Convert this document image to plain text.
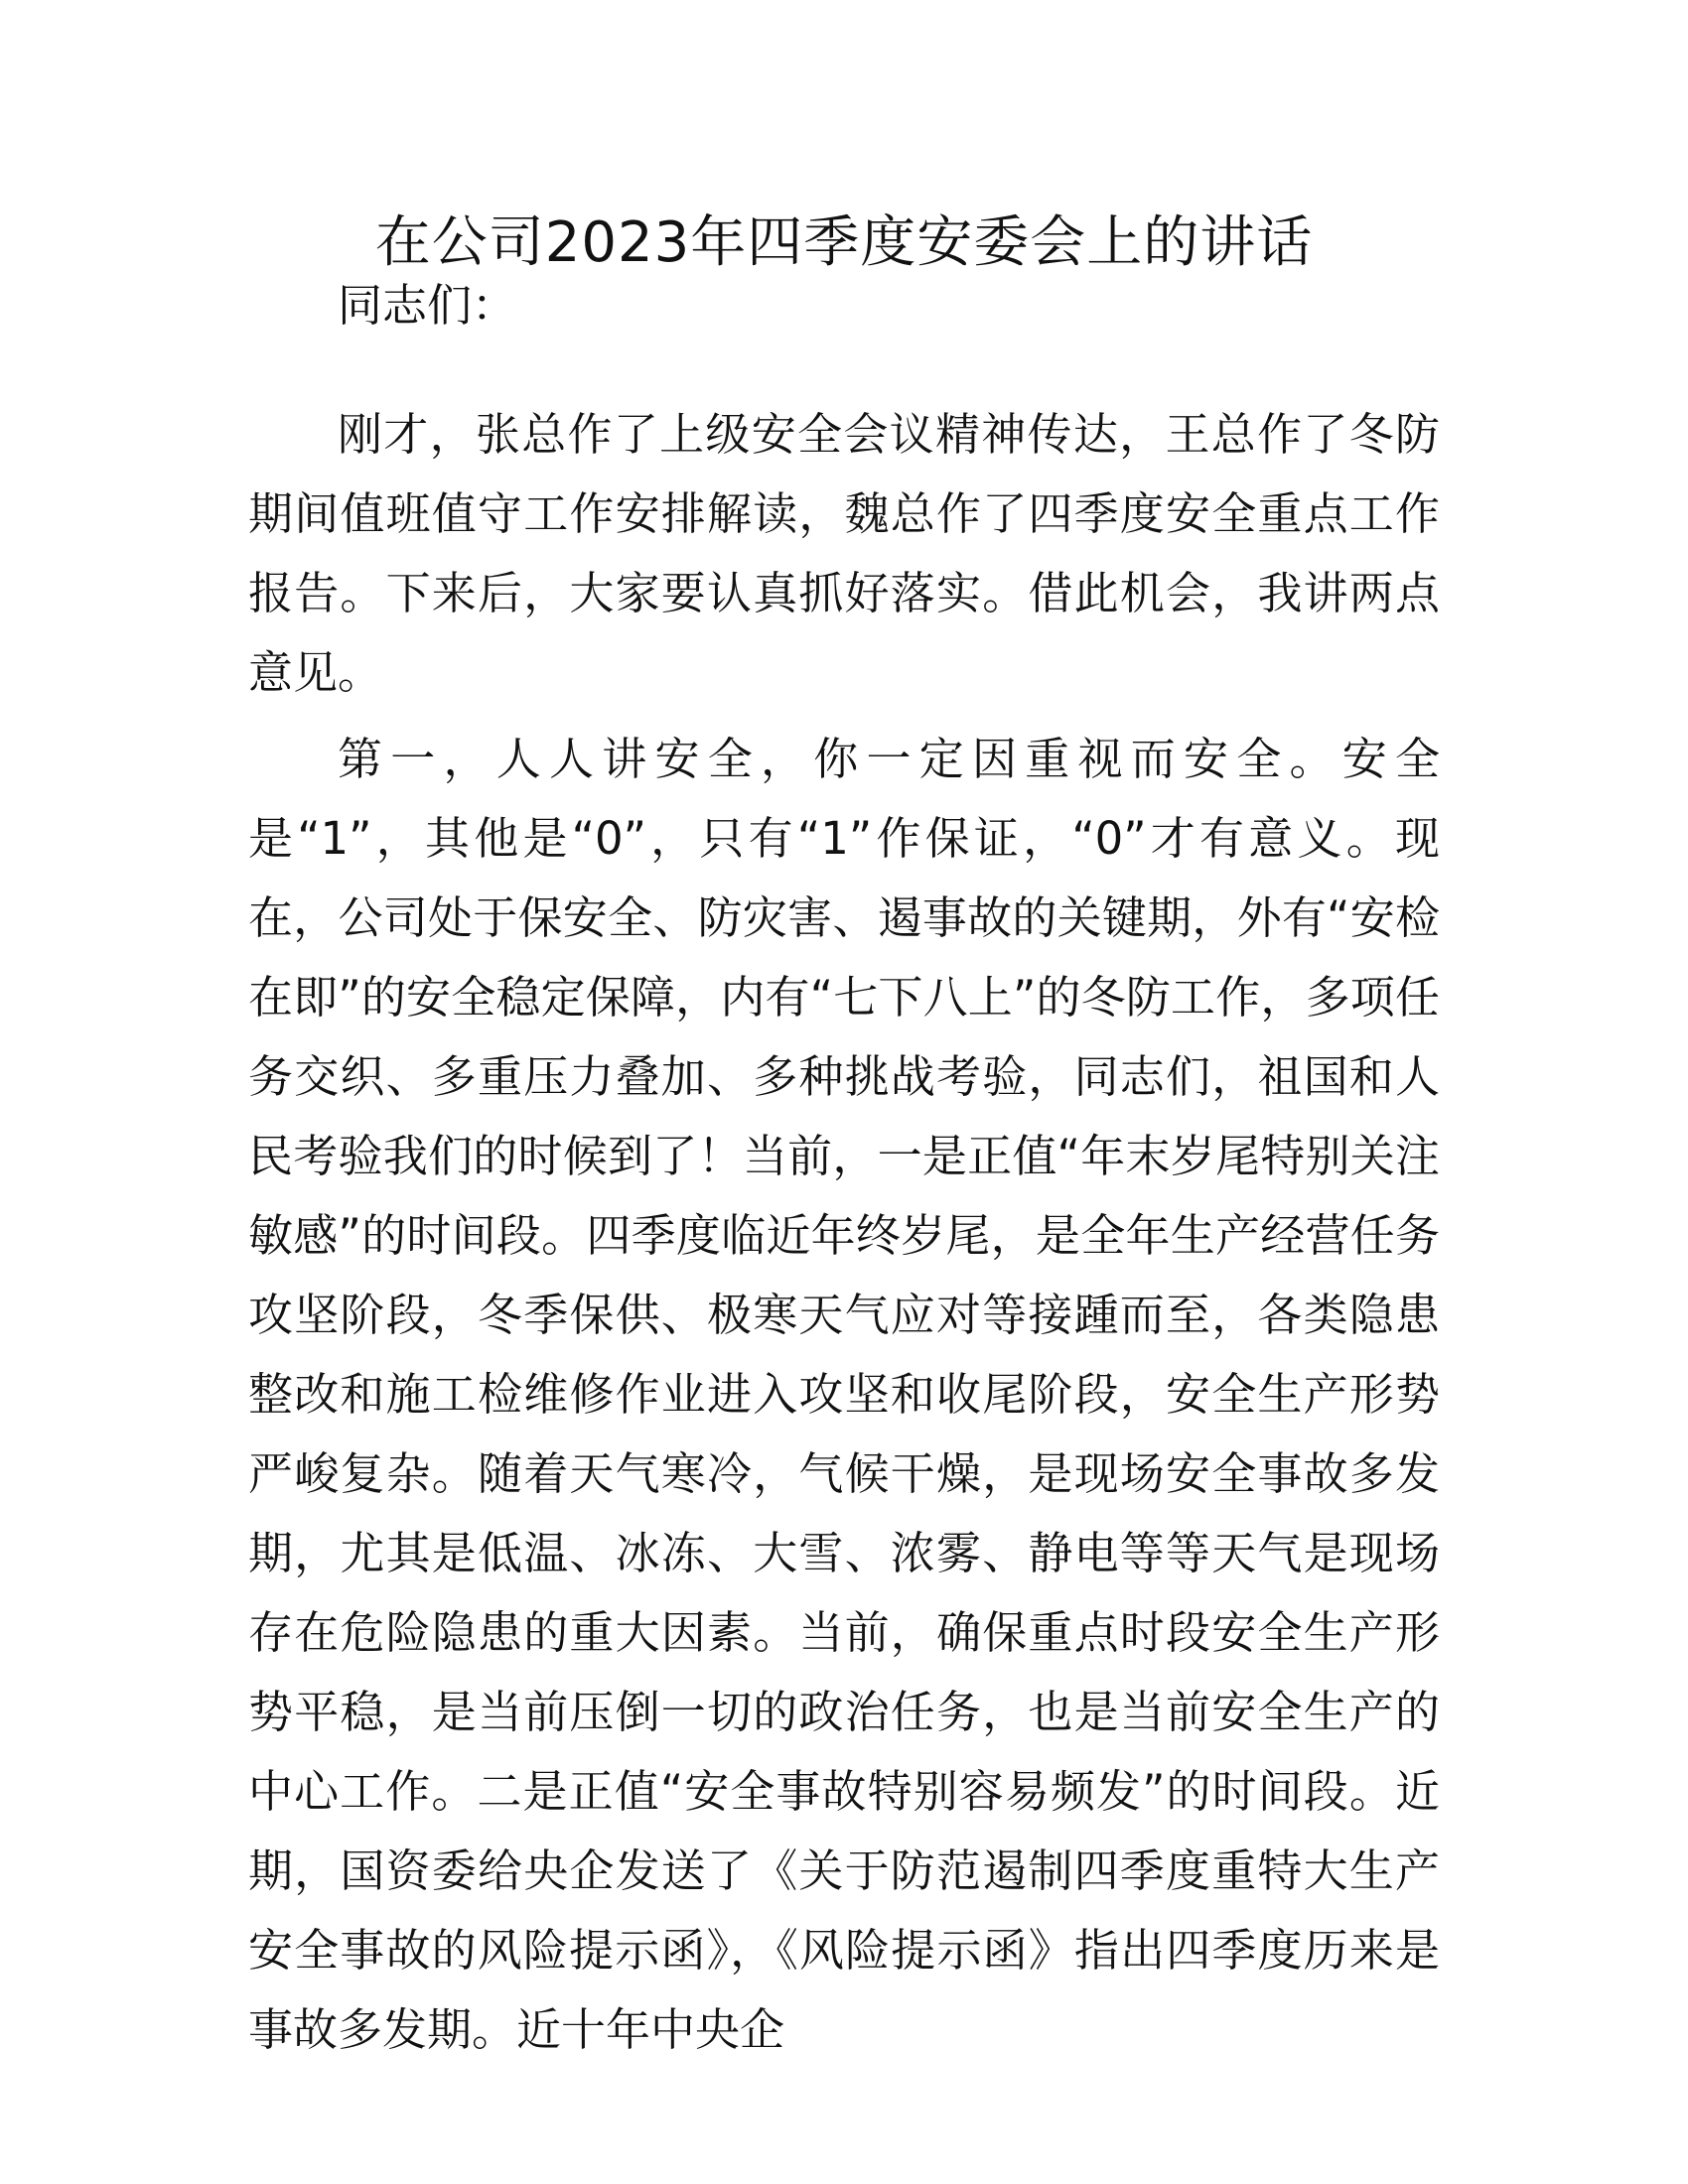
在公司2023年四季度安委会上的讲话
同志们：
刚才，张总作了上级安全会议精神传达，王总作了冬防期间值班值守工作安排解读，魏总作了四季度安全重点工作报告。下来后，大家要认真抓好落实。借此机会，我讲两点意见。
第一，人人讲安全，你一定因重视而安全。安全是“1”，其他是“0”，只有“1”作保证，“0”才有意义。现在，公司处于保安全、防灾害、遏事故的关键期，外有“安检在即”的安全稳定保障，内有“七下八上”的冬防工作，多项任务交织、多重压力叠加、多种挑战考验，同志们，祖国和人民考验我们的时候到了！当前，一是正值“年末岁尾特别关注敏感”的时间段。四季度临近年终岁尾，是全年生产经营任务攻坚阶段，冬季保供、极寒天气应对等接踵而至，各类隐患整改和施工检维修作业进入攻坚和收尾阶段，安全生产形势严峻复杂。随着天气寒冷，气候干燥，是现场安全事故多发期，尤其是低温、冰冻、大雪、浓雾、静电等等天气是现场存在危险隐患的重大因素。当前，确保重点时段安全生产形势平稳，是当前压倒一切的政治任务，也是当前安全生产的中心工作。二是正值“安全事故特别容易频发”的时间段。近期，国资委给央企发送了《关于防范遏制四季度重特大生产安全事故的风险提示函》，《风险提示函》指出四季度历来是事故多发期。近十年中央企
